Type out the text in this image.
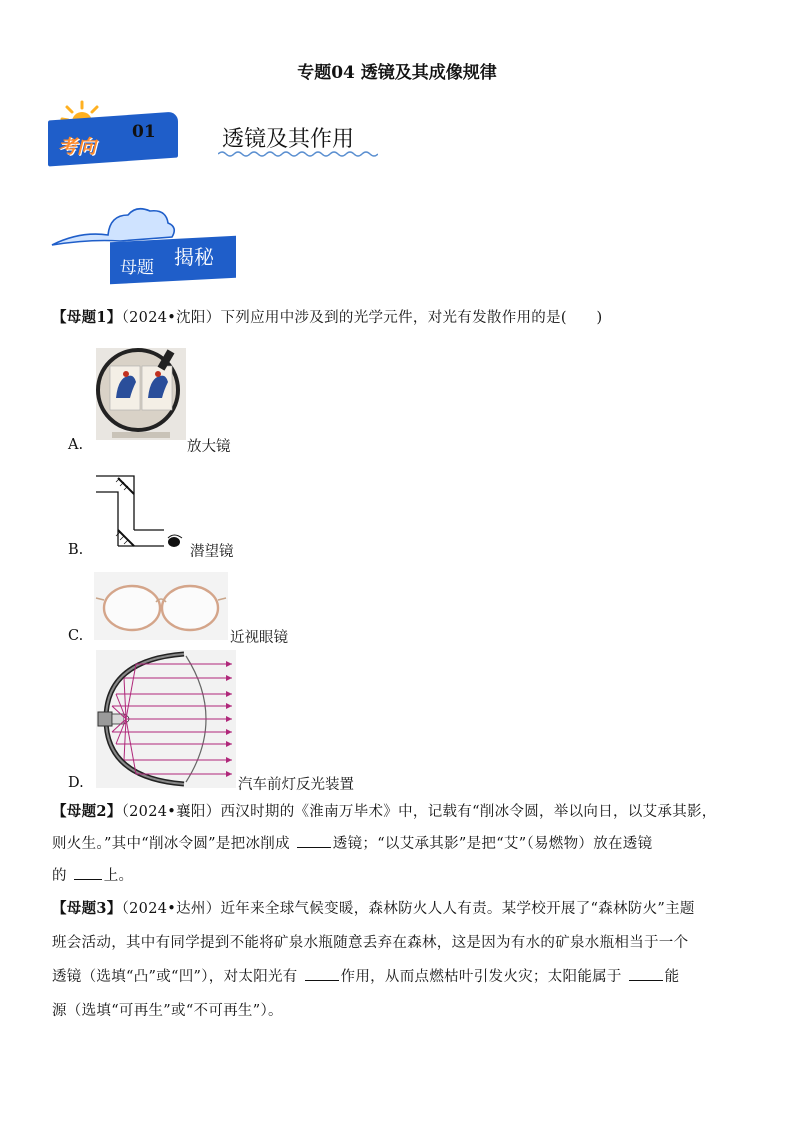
专题04 透镜及其成像规律
考向
01	透镜及其作用
母题 揭秘
【母题1】（2024•沈阳）下列应用中涉及到的光学元件，对光有发散作用的是(　　)
A.	放大镜
B.	潜望镜
C.	近视眼镜
D.	汽车前灯反光装置
【母题2】（2024•襄阳）西汉时期的《淮南万毕术》中，记载有“削冰令圆，举以向日，以艾承其影，
则火生。”其中“削冰令圆”是把冰削成	透镜；“以艾承其影”是把“艾”（易燃物）放在透镜
的 上。
【母题3】（2024•达州）近年来全球气候变暖，森林防火人人有责。某学校开展了“森林防火”主题
班会活动，其中有同学提到不能将矿泉水瓶随意丢弃在森林，这是因为有水的矿泉水瓶相当于一个
透镜（选填“凸”或“凹”），对太阳光有	作用，从而点燃枯叶引发火灾；太阳能属于	能
源（选填“可再生”或“不可再生”）。
